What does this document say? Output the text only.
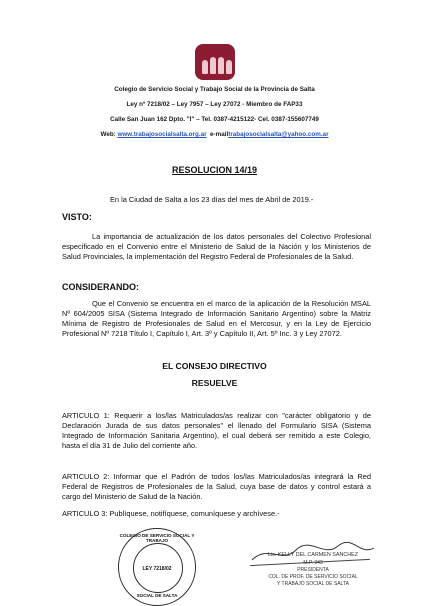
Colegio de Servicio Social y Trabajo Social de la Provincia de Salta
Ley nº 7218/02 – Ley 7957 – Ley 27072 - Miembro de FAP33
Calle San Juan 162 Dpto. "I" – Tel. 0387-4215122- Cel. 0387-155607749
Web: www.trabajosocialsalta.org.ar e-mailtrabajosocialsalta@yahoo.com.ar
RESOLUCION 14/19
En la Ciudad de Salta a los 23 días del mes de Abril de 2019.-
VISTO:
La importancia de actualización de los datos personales del Colectivo Profesional especificado en el Convenio entre el Ministerio de Salud de la Nación y los Ministerios de Salud Provinciales, la implementación del Registro Federal de Profesionales de la Salud.
CONSIDERANDO:
Que el Convenio se encuentra en el marco de la aplicación de la Resolución MSAL Nº 604/2005 SISA (Sistema Integrado de Información Sanitario Argentino) sobre la Matriz Mínima de Registro de Profesionales de Salud en el Mercosur, y en la Ley de Ejercicio Profesional Nº 7218 Título I, Capítulo I, Art. 3º y Capítulo II, Art. 5º Inc. 3 y Ley 27072.
EL CONSEJO DIRECTIVO
RESUELVE
ARTICULO 1: Requerir a los/las Matriculados/as realizar con "carácter obligatorio y de Declaración Jurada de sus datos personales" el llenado del Formulario SISA (Sistema Integrado de Información Sanitaria Argentino), el cual deberá ser remitido a este Colegio, hasta el día 31 de Julio del corriente año.
ARTICULO 2: Informar que el Padrón de todos los/las Matriculados/as integrará la Red Federal de Registros de Profesionales de la Salud, cuya base de datos y control estará a cargo del Ministerio de Salud de la Nación.
ARTICULO 3: Publíquese, notifíquese, comuníquese y archívese.-
COLEGIO DE SERVICIO SOCIAL Y TRABAJO
LEY 7218/02
SOCIAL DE SALTA
Lic. KELLY DEL CARMEN SANCHEZ
M.P. 343
PRESIDENTA
COL. DE PROF. DE SERVICIO SOCIAL
Y TRABAJO SOCIAL DE SALTA
